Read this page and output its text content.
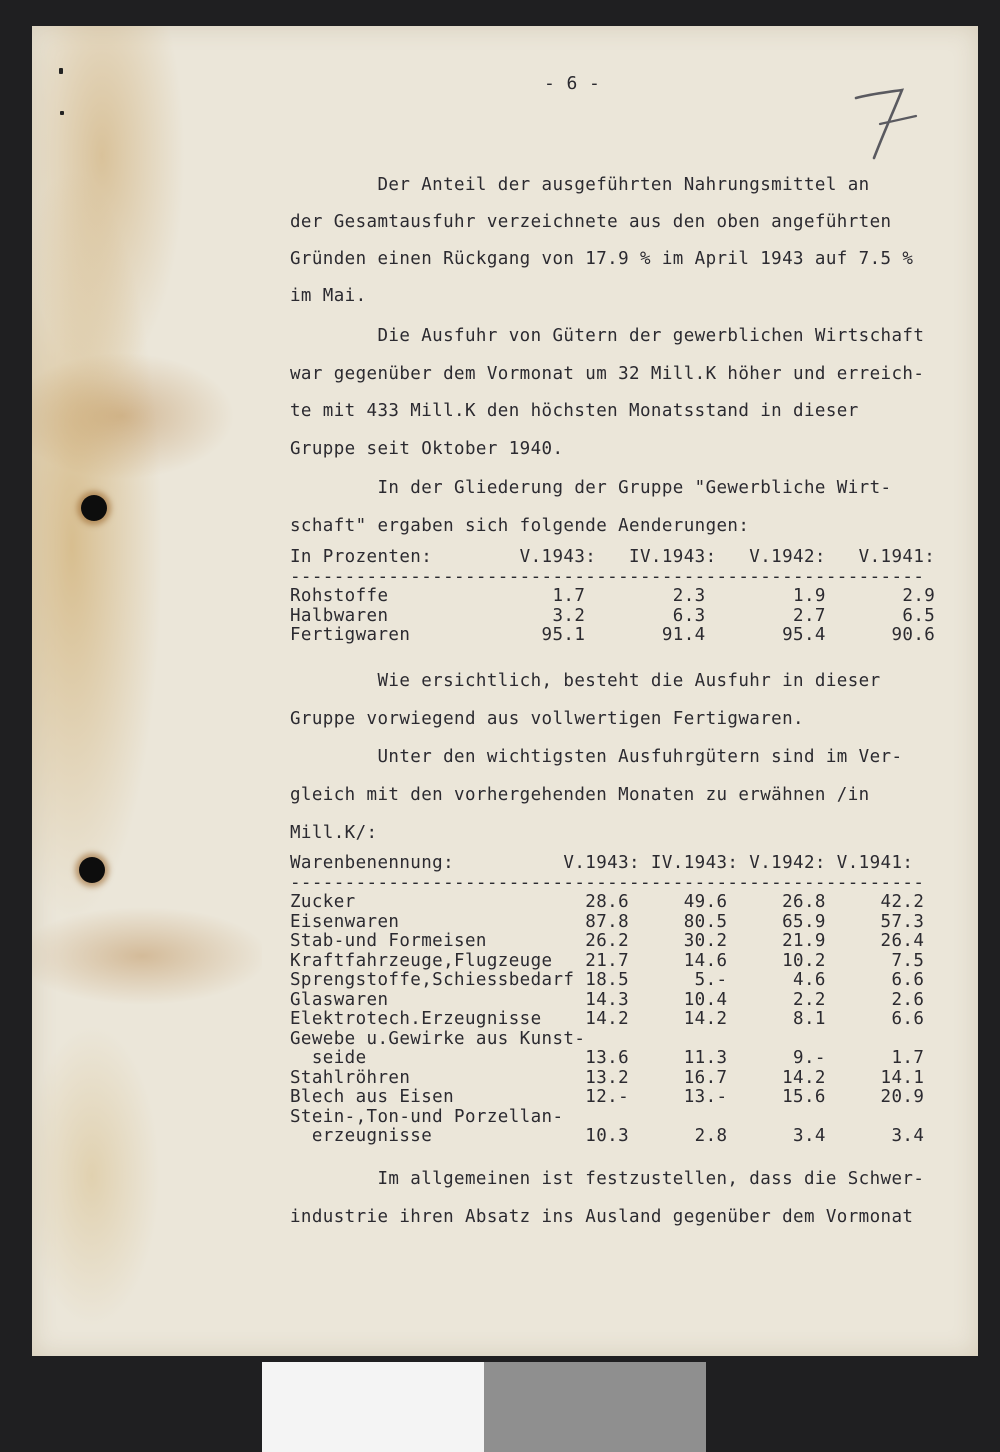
- 6 -

Der Anteil der ausgeführten Nahrungsmittel an
der Gesamtausfuhr verzeichnete aus den oben angeführten
Gründen einen Rückgang von 17.9 % im April 1943 auf 7.5 %
im Mai.

Die Ausfuhr von Gütern der gewerblichen Wirtschaft
war gegenüber dem Vormonat um 32 Mill.K höher und erreich-
te mit 433 Mill.K den höchsten Monatsstand in dieser
Gruppe seit Oktober 1940.

In der Gliederung der Gruppe "Gewerbliche Wirt-
schaft" ergaben sich folgende Aenderungen:

In Prozenten:        V.1943:   IV.1943:   V.1942:   V.1941:
----------------------------------------------------------
Rohstoffe               1.7        2.3        1.9       2.9
Halbwaren               3.2        6.3        2.7       6.5
Fertigwaren            95.1       91.4       95.4      90.6

Wie ersichtlich, besteht die Ausfuhr in dieser
Gruppe vorwiegend aus vollwertigen Fertigwaren.

Unter den wichtigsten Ausfuhrgütern sind im Ver-
gleich mit den vorhergehenden Monaten zu erwähnen /in
Mill.K/:

Warenbenennung:          V.1943: IV.1943: V.1942: V.1941:
----------------------------------------------------------
Zucker                     28.6     49.6     26.8     42.2
Eisenwaren                 87.8     80.5     65.9     57.3
Stab-und Formeisen         26.2     30.2     21.9     26.4
Kraftfahrzeuge,Flugzeuge   21.7     14.6     10.2      7.5
Sprengstoffe,Schiessbedarf 18.5      5.-      4.6      6.6
Glaswaren                  14.3     10.4      2.2      2.6
Elektrotech.Erzeugnisse    14.2     14.2      8.1      6.6
Gewebe u.Gewirke aus Kunst-
seide                    13.6     11.3      9.-      1.7
Stahlröhren                13.2     16.7     14.2     14.1
Blech aus Eisen            12.-     13.-     15.6     20.9
Stein-,Ton-und Porzellan-
erzeugnisse              10.3      2.8      3.4      3.4

Im allgemeinen ist festzustellen, dass die Schwer-
industrie ihren Absatz ins Ausland gegenüber dem Vormonat
